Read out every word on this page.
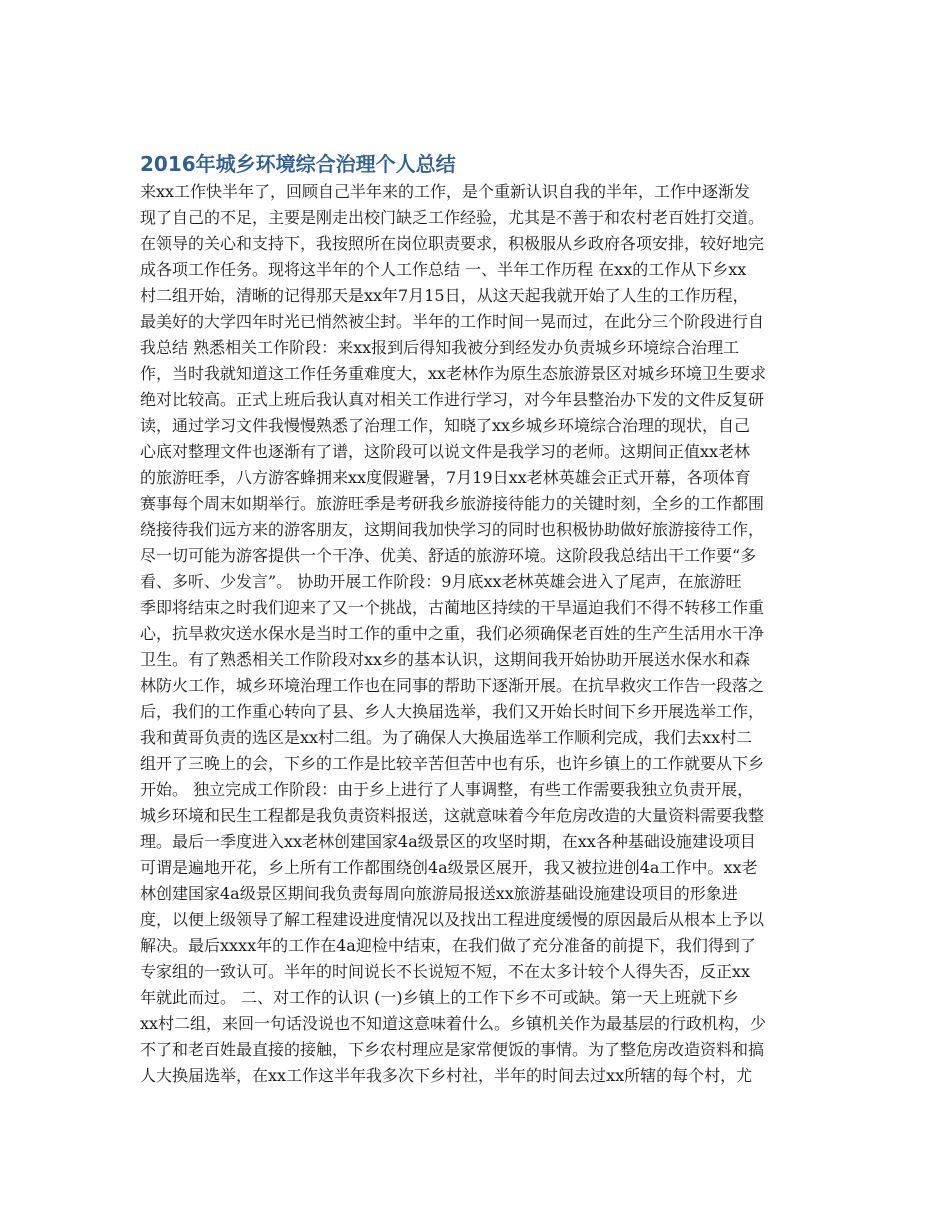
2016年城乡环境综合治理个人总结
来xx工作快半年了，回顾自己半年来的工作，是个重新认识自我的半年，工作中逐渐发
现了自己的不足，主要是刚走出校门缺乏工作经验，尤其是不善于和农村老百姓打交道。
在领导的关心和支持下，我按照所在岗位职责要求，积极服从乡政府各项安排，较好地完
成各项工作任务。现将这半年的个人工作总结 一、半年工作历程 在xx的工作从下乡xx
村二组开始，清晰的记得那天是xx年7月15日，从这天起我就开始了人生的工作历程，
最美好的大学四年时光已悄然被尘封。半年的工作时间一晃而过，在此分三个阶段进行自
我总结 熟悉相关工作阶段：来xx报到后得知我被分到经发办负责城乡环境综合治理工
作，当时我就知道这工作任务重难度大，xx老林作为原生态旅游景区对城乡环境卫生要求
绝对比较高。正式上班后我认真对相关工作进行学习，对今年县整治办下发的文件反复研
读，通过学习文件我慢慢熟悉了治理工作，知晓了xx乡城乡环境综合治理的现状，自己
心底对整理文件也逐渐有了谱，这阶段可以说文件是我学习的老师。这期间正值xx老林
的旅游旺季，八方游客蜂拥来xx度假避暑，7月19日xx老林英雄会正式开幕，各项体育
赛事每个周末如期举行。旅游旺季是考研我乡旅游接待能力的关键时刻，全乡的工作都围
绕接待我们远方来的游客朋友，这期间我加快学习的同时也积极协助做好旅游接待工作，
尽一切可能为游客提供一个干净、优美、舒适的旅游环境。这阶段我总结出干工作要“多
看、多听、少发言”。 协助开展工作阶段：9月底xx老林英雄会进入了尾声，在旅游旺
季即将结束之时我们迎来了又一个挑战，古蔺地区持续的干旱逼迫我们不得不转移工作重
心，抗旱救灾送水保水是当时工作的重中之重，我们必须确保老百姓的生产生活用水干净
卫生。有了熟悉相关工作阶段对xx乡的基本认识，这期间我开始协助开展送水保水和森
林防火工作，城乡环境治理工作也在同事的帮助下逐渐开展。在抗旱救灾工作告一段落之
后，我们的工作重心转向了县、乡人大换届选举，我们又开始长时间下乡开展选举工作，
我和黄哥负责的选区是xx村二组。为了确保人大换届选举工作顺利完成，我们去xx村二
组开了三晚上的会，下乡的工作是比较辛苦但苦中也有乐，也许乡镇上的工作就要从下乡
开始。 独立完成工作阶段：由于乡上进行了人事调整，有些工作需要我独立负责开展，
城乡环境和民生工程都是我负责资料报送，这就意味着今年危房改造的大量资料需要我整
理。最后一季度进入xx老林创建国家4a级景区的攻坚时期，在xx各种基础设施建设项目
可谓是遍地开花，乡上所有工作都围绕创4a级景区展开，我又被拉进创4a工作中。xx老
林创建国家4a级景区期间我负责每周向旅游局报送xx旅游基础设施建设项目的形象进
度，以便上级领导了解工程建设进度情况以及找出工程进度缓慢的原因最后从根本上予以
解决。最后xxxx年的工作在4a迎检中结束，在我们做了充分准备的前提下，我们得到了
专家组的一致认可。半年的时间说长不长说短不短，不在太多计较个人得失否，反正xx
年就此而过。 二、对工作的认识 (一)乡镇上的工作下乡不可或缺。第一天上班就下乡
xx村二组，来回一句话没说也不知道这意味着什么。乡镇机关作为最基层的行政机构，少
不了和老百姓最直接的接触，下乡农村理应是家常便饭的事情。为了整危房改造资料和搞
人大换届选举，在xx工作这半年我多次下乡村社，半年的时间去过xx所辖的每个村，尤
